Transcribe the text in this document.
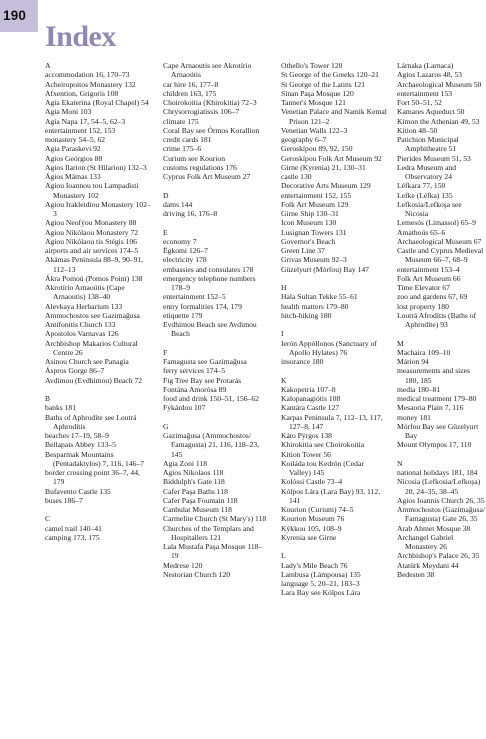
190
Index
A
accommodation 16, 170–73
Acheiropoitos Monastery 132
Afxention, Grigoris 108
Agia Ekaterina (Royal Chapel) 54
Agia Moni 103
Agia Napa 17, 54–5, 62–3
entertainment 152, 153
monastery 54–5, 62
Agia Paraskevi 92
Agios Geórgios 88
Agios Ilarion (St Hilarion) 132–3
Ágios Mámas 133
Agiou Ioannou tou Lampadisti Monastery 102
Agiou Irakleidiou Monastery 102–3
Agiou Neofýou Monastery 88
Agiou Nikólaou Monastery 72
Agiou Nikólaou tis Stégis 106
airports and air services 174–5
Akámas Peninsula 88–9, 90–91, 112–13
Ákra Pomoú (Pomos Point) 138
Akrotírio Arnaoútis (Cape Arnaoutis) 138–40
Alevkaya Herbarium 133
Ammochostos see Gazimağusa
Antifonitis Church 133
Apostolos Varnavas 126
Archbishop Makarios Cultural Centre 26
Asinou Church see Panagia
Áspros Gorge 86–7
Avdimou (Evdhimou) Beach 72
B
banks 181
Baths of Aphrodite see Loutrá Aphrodítis
beaches 17–19, 58–9
Bellapais Abbey 133–5
Besparmak Mountains (Pentadaktylos) 7, 116, 146–7
border crossing point 36–7, 44, 179
Bufavento Castle 135
buses 186–7
C
camel trail 140–41
camping 173, 175
Cape Arnaoutis see Akrotírio Arnaoútis
car hire 16, 177–8
children 163, 175
Choirokoitia (Khirokitia) 72–3
Chrysorrogiatissis 106–7
climate 175
Coral Bay see Órmos Korallion
credit cards 181
crime 175–6
Curium see Kourion
customs regulations 176
Cyprus Folk Art Museum 27
D
dams 144
driving 16, 176–8
E
economy 7
Ëgkomi 126–7
electricity 178
embassies and consulates 178
emergency telephone numbers 178–9
entertainment 152–5
entry formalities 174, 179
etiquette 179
Evdhimou Beach see Avdimou Beach
F
Famagusta see Gazimağusa
ferry services 174–5
Fig Tree Bay see Protarás
Fontána Amorósa 89
food and drink 150–51, 156–62
Fykárdou 107
G
Gazimağusa (Ammochostos/ Famagusta) 21, 116, 118–23, 145
Agia Zoni 118
Agios Nikolaos 118
Biddulph's Gate 118
Cafer Paşa Baths 118
Cafer Paşa Fountain 118
Canbulat Museum 118
Carmelite Church (St Mary's) 118
Churches of the Templars and Hospitallers 121
Lala Mustafa Paşa Mosque 118–19
Medrese 120
Nestorian Church 120
Othello's Tower 120
St George of the Greeks 120–21
St George of the Latins 121
Sinan Paşa Mosque 120
Tanner's Mosque 121
Venetian Palace and Namik Kemal Prison 121–2
Venetian Walls 122–3
geography 6–7
Geroskípou 89, 92, 150
Geroskípou Folk Art Museum 92
Girne (Kyrenia) 21, 130–31
castle 130
Decorative Arts Museum 129
entertainment 152, 155
Folk Art Museum 129
Girne Ship 130–31
Icon Museum 130
Lusignan Towers 131
Governor's Beach
Green Line 37
Grivas Museum 92–3
Güzelyurt (Mórfou) Bay 147
H
Hala Sultan Tekke 55–61
health matters 179–80
hitch-hiking 180
I
Ierón Appóllonos (Sanctuary of Apollo Hylates) 76
insurance 180
K
Kakopetria 107–8
Kalopanagiótis 108
Kantára Castle 127
Karpas Peninsula 7, 112–13, 117, 127–8, 147
Káto Pýrgos 138
Khirokitia see Choirokoitia
Kition Tower 56
Koiláda tou Kedrón (Cedar Valley) 145
Kolóssi Castle 73–4
Kólpos Lára (Lara Bay) 93, 112, 141
Kourion (Curium) 74–5
Kourion Museum 76
Kýkkou 105, 108–9
Kyrenia see Girne
L
Lady's Mile Beach 76
Lambusa (Lámpousa) 135
language 5, 20–21, 183–3
Lara Bay see Kólpos Lára
Lárnaka (Larnaca)
Agios Lazaros 48, 53
Archaeological Museum 50
entertainment 153
Fort 50–51, 52
Kamares Aqueduct 50
Kimon the Athenian 49, 53
Kition 48–50
Patichion Municipal Amphitheatre 51
Pierides Museum 51, 53
Ledra Museum and Observatory 24
Léfkara 77, 150
Lefke (Léfka) 135
Lefkosia/Lefkoşa see Nicosia
Lemesós (Limassol) 65–9
Amathoús 65–6
Archaeological Museum 67
Castle and Cyprus Medieval Museum 66–7, 68–9
entertainment 153–4
Folk Art Museum 66
Time Elevator 67
zoo and gardens 67, 69
lost property 180
Loutrá Afrodítis (Baths of Aphrodite) 93
M
Machaira 109–10
Márion 94
measurements and sizes 180, 185
media 180–81
medical treatment 179–80
Mesaoria Plain 7, 116
money 181
Mórfou Bay see Güzelyurt Bay
Mount Olympos 17, 110
N
national holidays 181, 184
Nicosia (Lefkosia/Lefkoşa) 20, 24–35, 38–45
Agios Ioannis Church 26, 35
Ammochostos (Gazimağusa/ Famagusta) Gate 26, 35
Arab Ahmet Mosque 38
Archangel Gabriel Monastery 26
Archbishop's Palace 26, 35
Atatürk Meydani 44
Bedesten 38
